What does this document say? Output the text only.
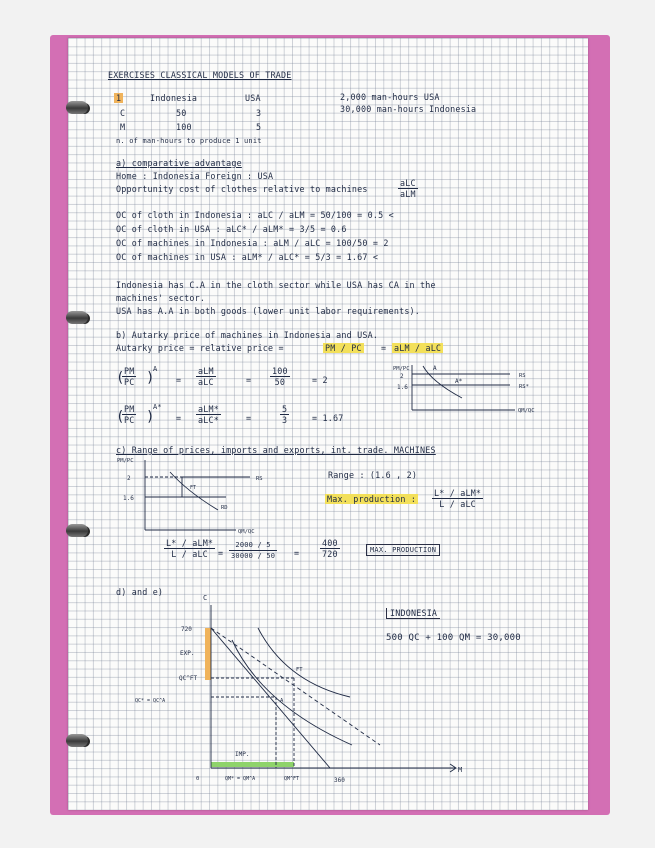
EXERCISES CLASSICAL MODELS OF TRADE
1	Indonesia	USA
C	50	3
M	100	5
n. of man-hours to produce 1 unit
2,000 man-hours USA
30,000 man-hours Indonesia
a) comparative advantage
Home : Indonesia Foreign : USA
Opportunity cost of clothes relative to machines
aLC
aLM
OC of cloth in Indonesia : aLC / aLM = 50/100 = 0.5 <
OC of cloth in USA : aLC* / aLM* = 3/5 = 0.6
OC of machines in Indonesia : aLM / aLC = 100/50 = 2
OC of machines in USA : aLM* / aLC* = 5/3 = 1.67 <
Indonesia has C.A in the cloth sector while USA has CA in the
machines' sector.
USA has A.A in both goods (lower unit labor requirements).
b) Autarky price of machines in Indonesia and USA.
Autarky price = relative price =	PM / PC = aLM / aLC
(
$\frac{PM}{PC}$ )
A
=
aLM
aLC	= $\frac{100}{50}$	= 2
(
$\frac{PM}{PC}$ )
A*
=
aLM*
aLC*	=	$\frac{5}{3}$	= 1.67
PM/PC
2
1.6
A
A*
RS
RS*
QM/QC
c) Range of prices, imports and exports, int. trade. MACHINES
PM/PC
2
1.6
RS
FT
RD
QM/QC
Range : (1.6 , 2)
Max. production :
L* / aLM*
L / aLC
L* / aLM*
L / aLC	= $\frac{2000 / 5}{30000 / 50} = \frac{400}{720}$	MAX. PRODUCTION
d) and e)
INDONESIA
500 QC + 100 QM = 30,000
C
M
720
EXP.
QC^FT
QC* = QC^A
FT
A
IMP.
0	QM* = QM^A	QM^FT	360
